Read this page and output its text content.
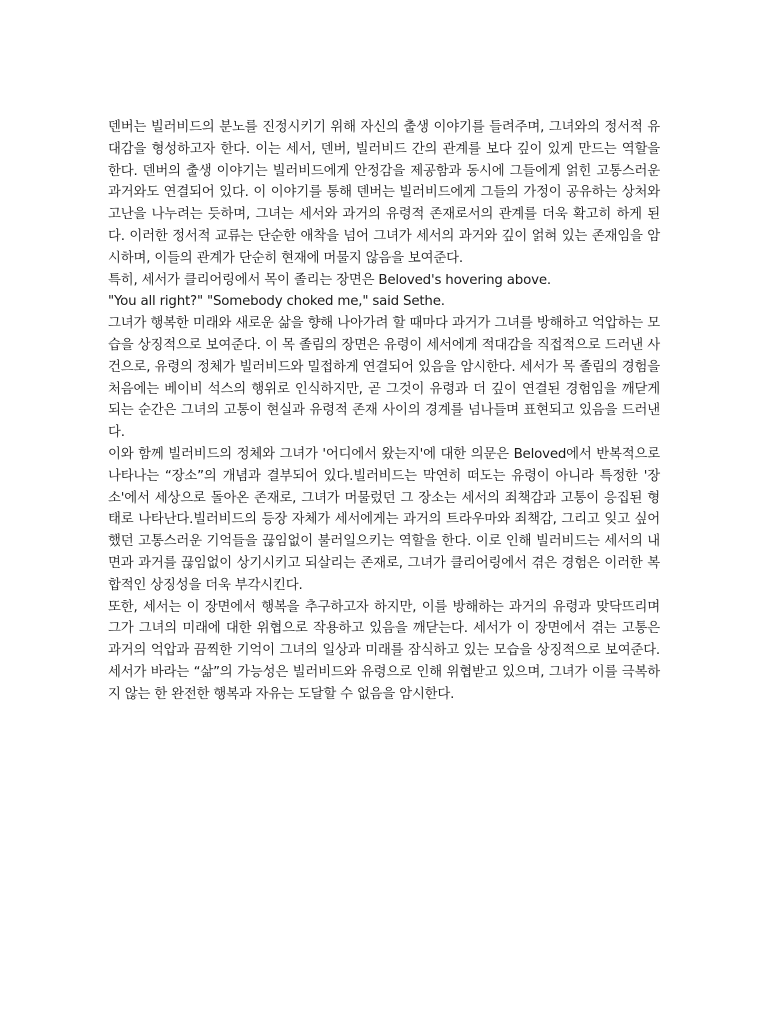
덴버는 빌러비드의 분노를 진정시키기 위해 자신의 출생 이야기를 들려주며, 그녀와의 정서적 유대감을 형성하고자 한다. 이는 세서, 덴버, 빌러비드 간의 관계를 보다 깊이 있게 만드는 역할을 한다. 덴버의 출생 이야기는 빌러비드에게 안정감을 제공함과 동시에 그들에게 얽힌 고통스러운 과거와도 연결되어 있다. 이 이야기를 통해 덴버는 빌러비드에게 그들의 가정이 공유하는 상처와 고난을 나누려는 듯하며, 그녀는 세서와 과거의 유령적 존재로서의 관계를 더욱 확고히 하게 된다. 이러한 정서적 교류는 단순한 애착을 넘어 그녀가 세서의 과거와 깊이 얽혀 있는 존재임을 암시하며, 이들의 관계가 단순히 현재에 머물지 않음을 보여준다.

특히, 세서가 클리어링에서 목이 졸리는 장면은 Beloved's hovering above.

"You all right?" "Somebody choked me," said Sethe.

그녀가 행복한 미래와 새로운 삶을 향해 나아가려 할 때마다 과거가 그녀를 방해하고 억압하는 모습을 상징적으로 보여준다. 이 목 졸림의 장면은 유령이 세서에게 적대감을 직접적으로 드러낸 사건으로, 유령의 정체가 빌러비드와 밀접하게 연결되어 있음을 암시한다. 세서가 목 졸림의 경험을 처음에는 베이비 석스의 행위로 인식하지만, 곧 그것이 유령과 더 깊이 연결된 경험임을 깨닫게 되는 순간은 그녀의 고통이 현실과 유령적 존재 사이의 경계를 넘나들며 표현되고 있음을 드러낸다.

이와 함께 빌러비드의 정체와 그녀가 '어디에서 왔는지'에 대한 의문은 Beloved에서 반복적으로 나타나는 “장소”의 개념과 결부되어 있다.빌러비드는 막연히 떠도는 유령이 아니라 특정한 '장소'에서 세상으로 돌아온 존재로, 그녀가 머물렀던 그 장소는 세서의 죄책감과 고통이 응집된 형태로 나타난다.빌러비드의 등장 자체가 세서에게는 과거의 트라우마와 죄책감, 그리고 잊고 싶어했던 고통스러운 기억들을 끊임없이 불러일으키는 역할을 한다. 이로 인해 빌러비드는 세서의 내면과 과거를 끊임없이 상기시키고 되살리는 존재로, 그녀가 클리어링에서 겪은 경험은 이러한 복합적인 상징성을 더욱 부각시킨다.

또한, 세서는 이 장면에서 행복을 추구하고자 하지만, 이를 방해하는 과거의 유령과 맞닥뜨리며 그가 그녀의 미래에 대한 위협으로 작용하고 있음을 깨닫는다. 세서가 이 장면에서 겪는 고통은 과거의 억압과 끔찍한 기억이 그녀의 일상과 미래를 잠식하고 있는 모습을 상징적으로 보여준다. 세서가 바라는 “삶”의 가능성은 빌러비드와 유령으로 인해 위협받고 있으며, 그녀가 이를 극복하지 않는 한 완전한 행복과 자유는 도달할 수 없음을 암시한다.
